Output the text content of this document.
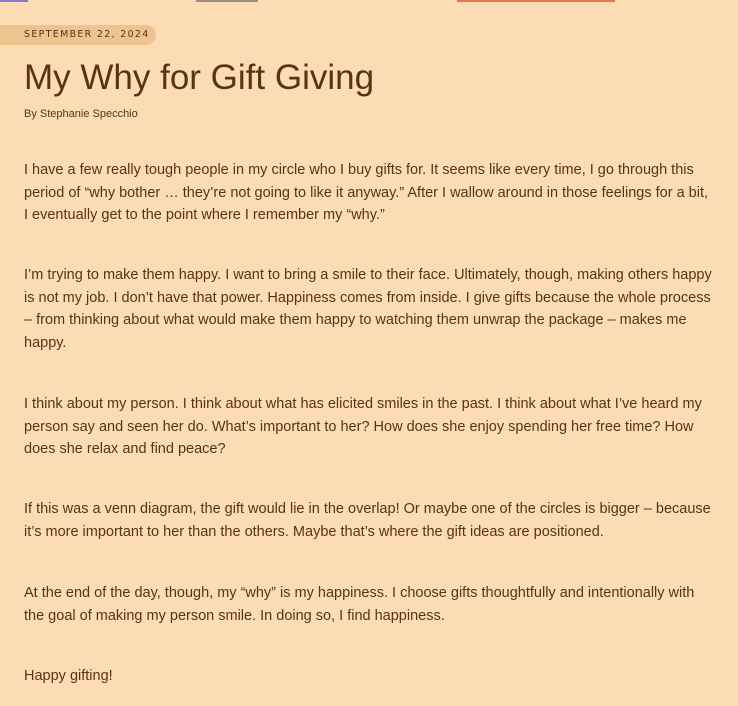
SEPTEMBER 22, 2024
My Why for Gift Giving
By Stephanie Specchio

I have a few really tough people in my circle who I buy gifts for. It seems like every time, I go through this period of “why bother … they’re not going to like it anyway.” After I wallow around in those feelings for a bit, I eventually get to the point where I remember my “why.”

I’m trying to make them happy. I want to bring a smile to their face. Ultimately, though, making others happy is not my job. I don’t have that power. Happiness comes from inside. I give gifts because the whole process – from thinking about what would make them happy to watching them unwrap the package – makes me happy.

I think about my person. I think about what has elicited smiles in the past. I think about what I’ve heard my person say and seen her do. What’s important to her? How does she enjoy spending her free time? How does she relax and find peace?

If this was a venn diagram, the gift would lie in the overlap! Or maybe one of the circles is bigger – because it’s more important to her than the others. Maybe that’s where the gift ideas are positioned.

At the end of the day, though, my “why” is my happiness. I choose gifts thoughtfully and intentionally with the goal of making my person smile. In doing so, I find happiness.

Happy gifting!
